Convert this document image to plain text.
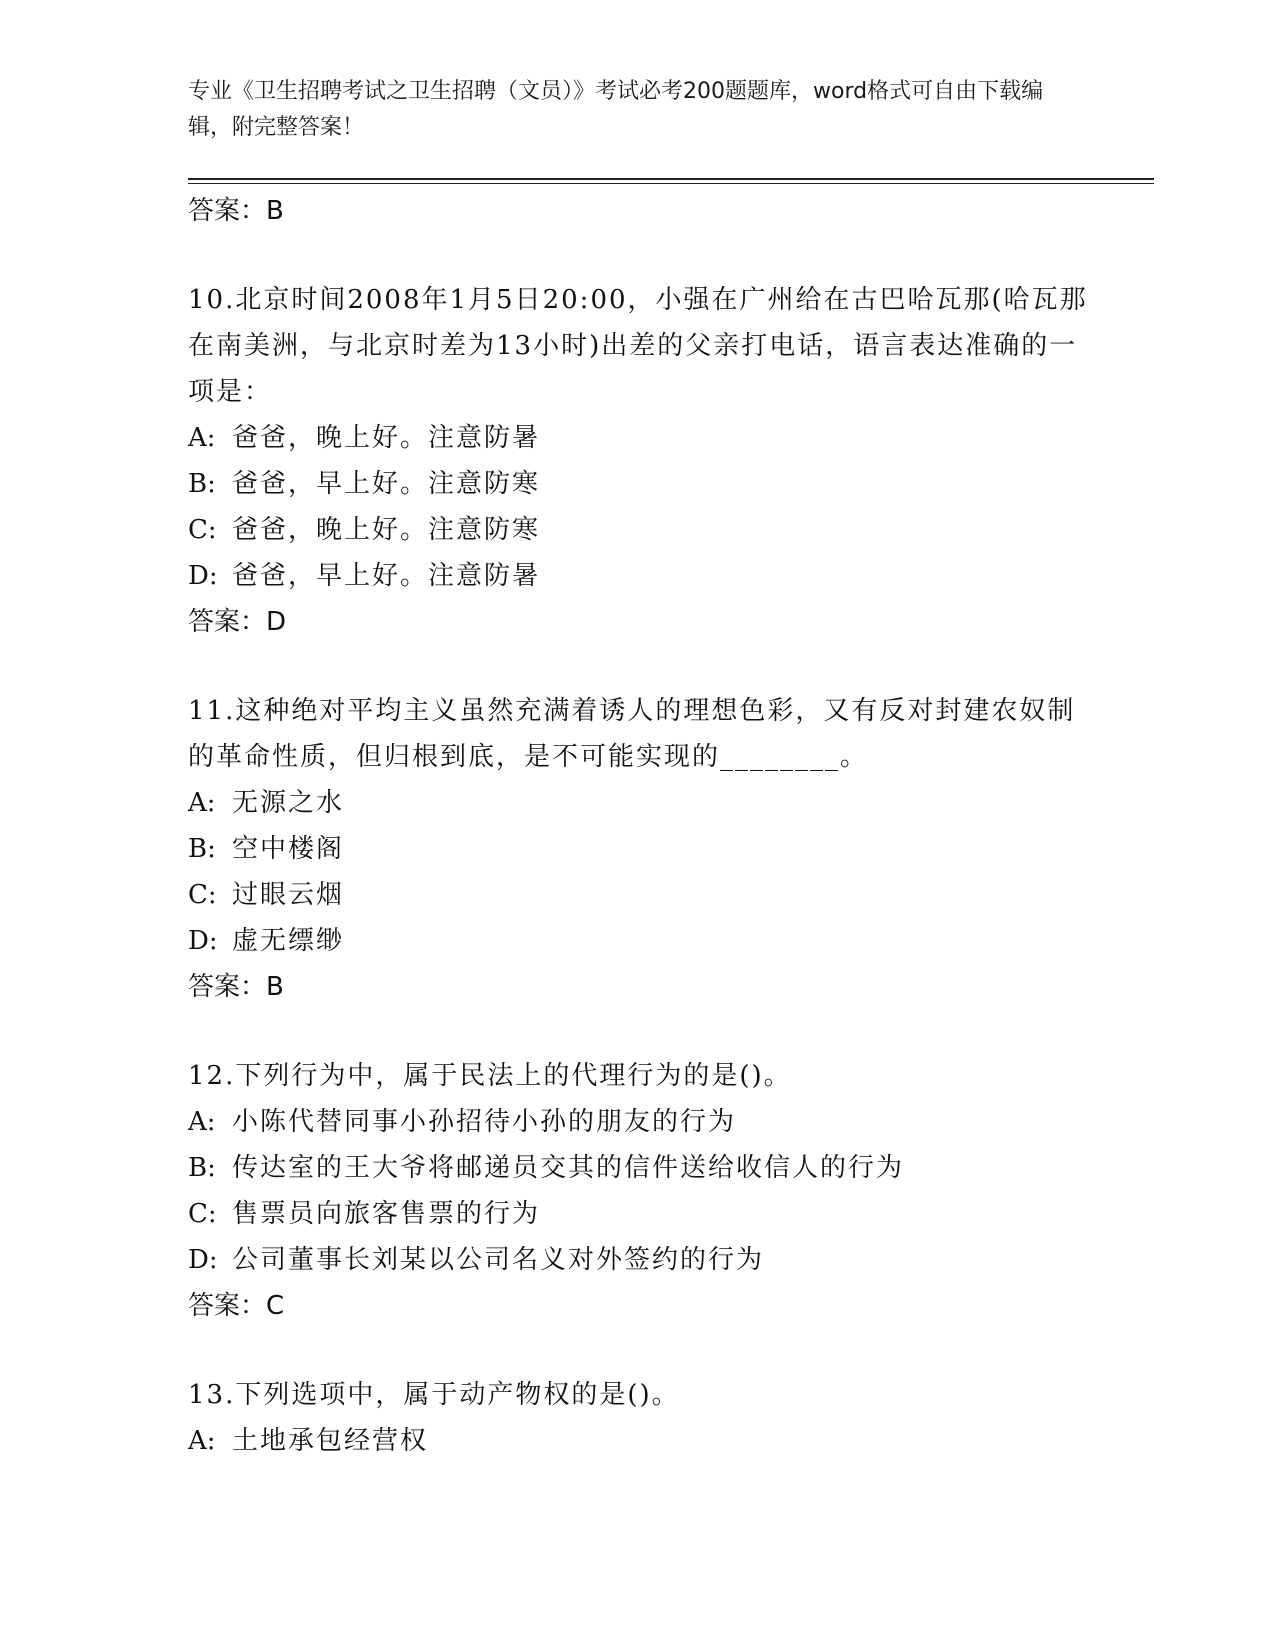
专业《卫生招聘考试之卫生招聘（文员）》考试必考200题题库，word格式可自由下载编辑，附完整答案！
答案：B
10.北京时间2008年1月5日20:00，小强在广州给在古巴哈瓦那(哈瓦那在南美洲，与北京时差为13小时)出差的父亲打电话，语言表达准确的一项是：
A: 爸爸，晚上好。注意防暑
B: 爸爸，早上好。注意防寒
C: 爸爸，晚上好。注意防寒
D: 爸爸，早上好。注意防暑
答案：D
11.这种绝对平均主义虽然充满着诱人的理想色彩，又有反对封建农奴制的革命性质，但归根到底，是不可能实现的________。
A: 无源之水
B: 空中楼阁
C: 过眼云烟
D: 虚无缥缈
答案：B
12.下列行为中，属于民法上的代理行为的是()。
A: 小陈代替同事小孙招待小孙的朋友的行为
B: 传达室的王大爷将邮递员交其的信件送给收信人的行为
C: 售票员向旅客售票的行为
D: 公司董事长刘某以公司名义对外签约的行为
答案：C
13.下列选项中，属于动产物权的是()。
A: 土地承包经营权
